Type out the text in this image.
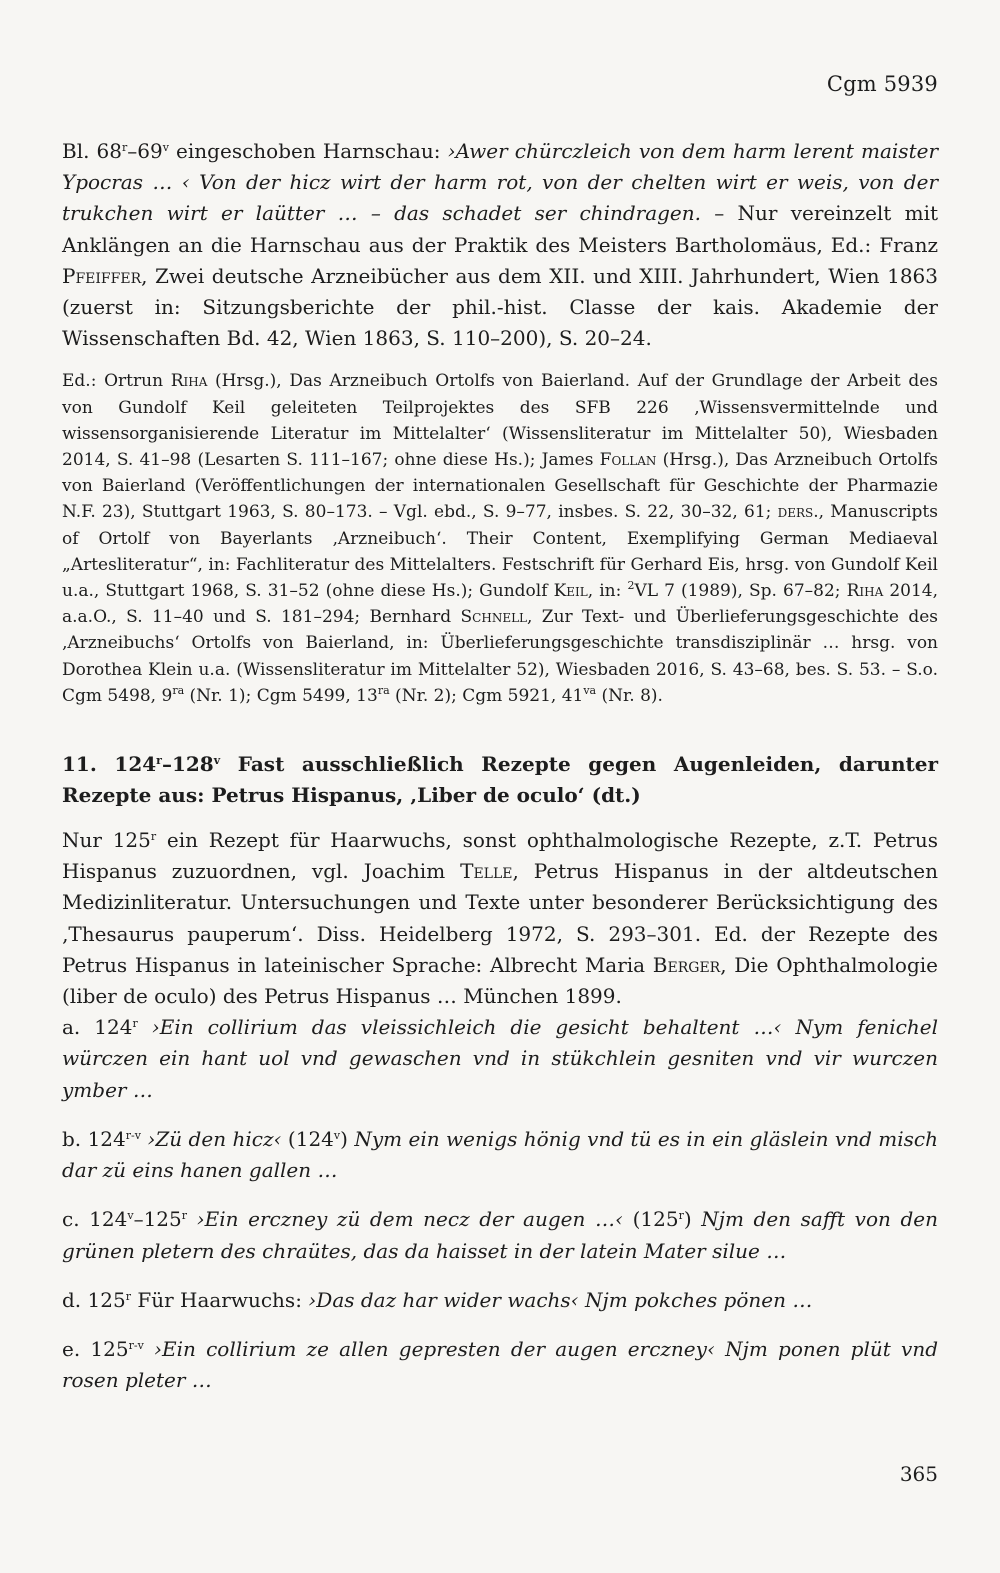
Cgm 5939

Bl. 68$^r$–69$^v$ eingeschoben Harnschau: ›Awer chürczleich von dem harm lerent maister Ypocras … ‹ Von der hicz wirt der harm rot, von der chelten wirt er weis, von der trukchen wirt er laütter … – das schadet ser chindragen. – Nur vereinzelt mit Anklängen an die Harnschau aus der Praktik des Meisters Bartholomäus, Ed.: Franz Pfeiffer, Zwei deutsche Arzneibücher aus dem XII. und XIII. Jahrhundert, Wien 1863 (zuerst in: Sitzungsberichte der phil.-hist. Classe der kais. Akademie der Wissenschaften Bd. 42, Wien 1863, S. 110–200), S. 20–24.

Ed.: Ortrun Riha (Hrsg.), Das Arzneibuch Ortolfs von Baierland. Auf der Grundlage der Arbeit des von Gundolf Keil geleiteten Teilprojektes des SFB 226 ‚Wissensvermittelnde und wissensorganisierende Literatur im Mittelalter‘ (Wissensliteratur im Mittelalter 50), Wiesbaden 2014, S. 41–98 (Lesarten S. 111–167; ohne diese Hs.); James Follan (Hrsg.), Das Arzneibuch Ortolfs von Baierland (Veröffentlichungen der internationalen Gesellschaft für Geschichte der Pharmazie N.F. 23), Stuttgart 1963, S. 80–173. – Vgl. ebd., S. 9–77, insbes. S. 22, 30–32, 61; ders., Manuscripts of Ortolf von Bayerlants ‚Arzneibuch‘. Their Content, Exemplifying German Mediaeval „Artesliteratur“, in: Fachliteratur des Mittelalters. Festschrift für Gerhard Eis, hrsg. von Gundolf Keil u.a., Stuttgart 1968, S. 31–52 (ohne diese Hs.); Gundolf Keil, in: $^2$VL 7 (1989), Sp. 67–82; Riha 2014, a.a.O., S. 11–40 und S. 181–294; Bernhard Schnell, Zur Text- und Überlieferungsgeschichte des ‚Arzneibuchs‘ Ortolfs von Baierland, in: Überlieferungsgeschichte transdisziplinär … hrsg. von Dorothea Klein u.a. (Wissensliteratur im Mittelalter 52), Wiesbaden 2016, S. 43–68, bes. S. 53. – S.o. Cgm 5498, $9^{ra}$ (Nr. 1); Cgm 5499, $13^{ra}$ (Nr. 2); Cgm 5921, $41^{va}$ (Nr. 8).

11. 124$^r$–128$^v$ Fast ausschließlich Rezepte gegen Augenleiden, darunter Rezepte aus: Petrus Hispanus, ‚Liber de oculo‘ (dt.)

Nur 125$^r$ ein Rezept für Haarwuchs, sonst ophthalmologische Rezepte, z.T. Petrus Hispanus zuzuordnen, vgl. Joachim Telle, Petrus Hispanus in der altdeutschen Medizinliteratur. Untersuchungen und Texte unter besonderer Berücksichtigung des ‚Thesaurus pauperum‘. Diss. Heidelberg 1972, S. 293–301. Ed. der Rezepte des Petrus Hispanus in lateinischer Sprache: Albrecht Maria Berger, Die Ophthalmologie (liber de oculo) des Petrus Hispanus … München 1899.

a. 124$^r$ ›Ein collirium das vleissichleich die gesicht behaltent …‹ Nym fenichel würczen ein hant uol vnd gewaschen vnd in stükchlein gesniten vnd vir wurczen ymber …

b. 124$^{r-v}$ ›Zü den hicz‹ (124$^v$) Nym ein wenigs hönig vnd tü es in ein gläslein vnd misch dar zü eins hanen gallen …

c. 124$^v$–125$^r$ ›Ein erczney zü dem necz der augen …‹ (125$^r$) Njm den safft von den grünen pletern des chraütes, das da haisset in der latein Mater silue …

d. 125$^r$ Für Haarwuchs: ›Das daz har wider wachs‹ Njm pokches pönen …

e. 125$^{r-v}$ ›Ein collirium ze allen gepresten der augen erczney‹ Njm ponen plüt vnd rosen pleter …

365
